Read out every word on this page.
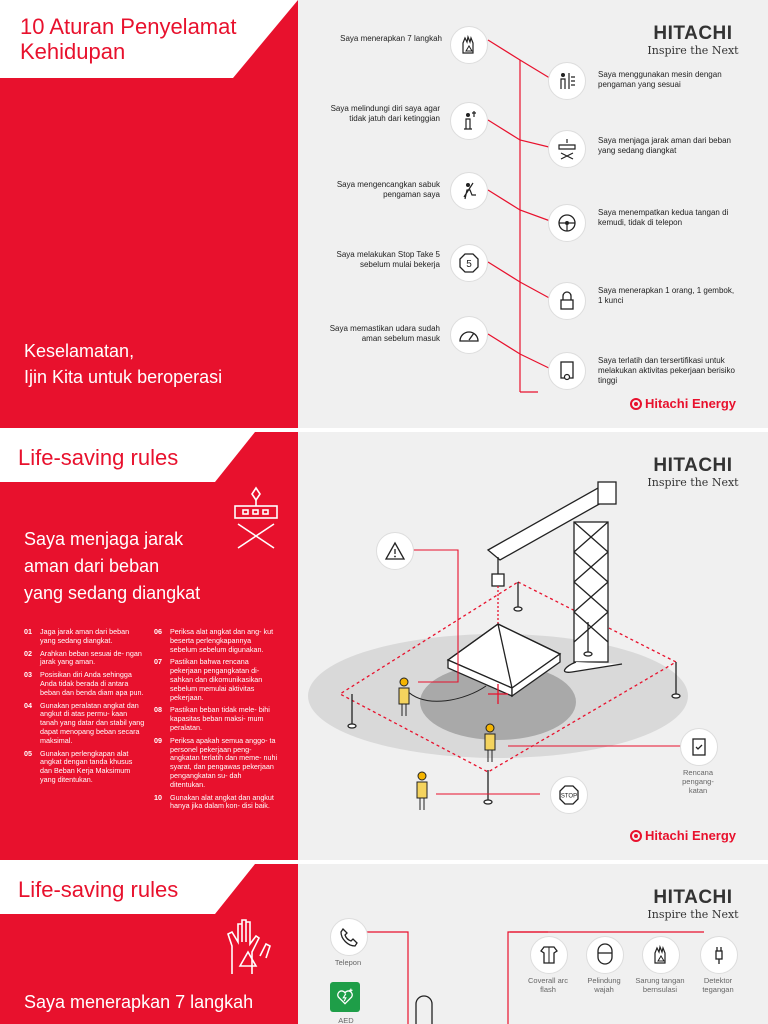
10 Aturan Penyelamat Kehidupan
Keselamatan,
Ijin Kita untuk beroperasi
Saya menerapkan 7 langkah
Saya melindungi diri saya agar tidak jatuh dari ketinggian
Saya mengencangkan sabuk pengaman saya
Saya melakukan Stop Take 5 sebelum mulai bekerja	5
Saya memastikan udara sudah aman sebelum masuk
Saya menggunakan mesin dengan pengaman yang sesuai
Saya menjaga jarak aman dari beban yang sedang diangkat
Saya menempatkan kedua tangan di kemudi, tidak di telepon
Saya menerapkan 1 orang, 1 gembok, 1 kunci
Saya terlatih dan tersertifikasi untuk melakukan aktivitas pekerjaan berisiko tinggi
HITACHI
Inspire the Next
Hitachi Energy
Life-saving rules
Saya menjaga jarak
aman dari beban
yang sedang diangkat
01	Jaga jarak aman dari beban yang sedang diangkat.
02	Arahkan beban sesuai de- ngan jarak yang aman.
03	Posisikan diri Anda sehingga Anda tidak berada di antara beban dan benda diam apa pun.
04	Gunakan peralatan angkat dan angkut di atas permu- kaan tanah yang datar dan stabil yang dapat menopang beban secara maksimal.
05	Gunakan perlengkapan alat angkat dengan tanda khusus dan Beban Kerja Maksimum yang ditentukan.
06	Periksa alat angkat dan ang- kut beserta perlengkapannya sebelum sebelum digunakan.
07	Pastikan bahwa rencana pekerjaan pengangkatan di- sahkan dan dikomunikasikan sebelum memulai aktivitas pekerjaan.
08	Pastikan beban tidak mele- bihi kapasitas beban maksi- mum peralatan.
09	Periksa apakah semua anggo- ta personel pekerjaan peng- angkatan terlatih dan meme- nuhi syarat, dan pengawas pekerjaan pengangkatan su- dah ditentukan.
10	Gunakan alat angkat dan angkut hanya jika dalam kon- disi baik.
Rencana pengang- katan
STOP
HITACHI
Inspire the Next
Hitachi Energy
Life-saving rules
Saya menerapkan 7 langkah
Telepon
AED
Coverall arc flash
Pelindung wajah
Sarung tangan bernsulasi
Detektor tegangan
HITACHI
Inspire the Next
